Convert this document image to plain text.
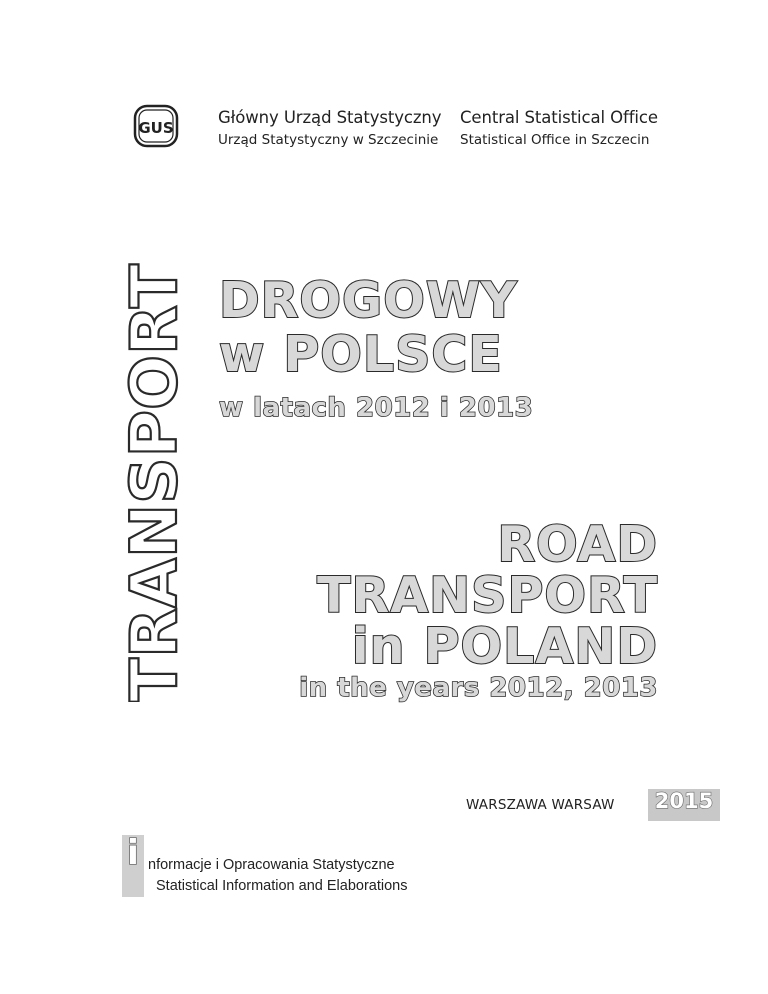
GUS
Główny Urząd Statystyczny
Urząd Statystyczny w Szczecinie
Central Statistical Office
Statistical Office in Szczecin
TRANSPORT DROGOWY
w POLSCE
w latach 2012 i 2013
ROAD
TRANSPORT
in POLAND
in the years 2012, 2013
WARSZAWA WARSAW	2015
i nformacje i Opracowania Statystyczne
Statistical Information and Elaborations
